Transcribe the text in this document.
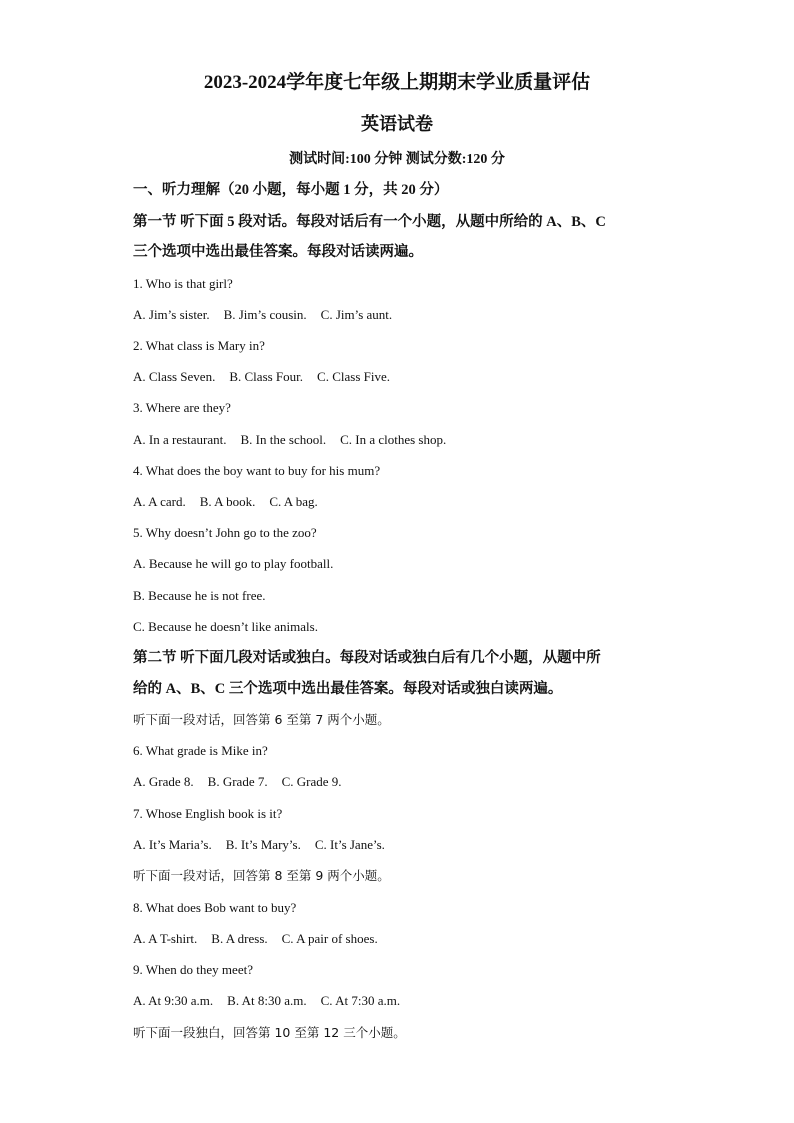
2023-2024学年度七年级上期期末学业质量评估
英语试卷
测试时间:100 分钟 测试分数:120 分
一、听力理解（20 小题，每小题 1 分，共 20 分）
第一节 听下面 5 段对话。每段对话后有一个小题，从题中所给的 A、B、C
三个选项中选出最佳答案。每段对话读两遍。
1. Who is that girl?
A. Jim’s sister. B. Jim’s cousin. C. Jim’s aunt.
2. What class is Mary in?
A. Class Seven. B. Class Four. C. Class Five.
3. Where are they?
A. In a restaurant. B. In the school. C. In a clothes shop.
4. What does the boy want to buy for his mum?
A. A card. B. A book. C. A bag.
5. Why doesn’t John go to the zoo?
A. Because he will go to play football.
B. Because he is not free.
C. Because he doesn’t like animals.
第二节 听下面几段对话或独白。每段对话或独白后有几个小题，从题中所
给的 A、B、C 三个选项中选出最佳答案。每段对话或独白读两遍。
听下面一段对话，回答第 6 至第 7 两个小题。
6. What grade is Mike in?
A. Grade 8. B. Grade 7. C. Grade 9.
7. Whose English book is it?
A. It’s Maria’s. B. It’s Mary’s. C. It’s Jane’s.
听下面一段对话，回答第 8 至第 9 两个小题。
8. What does Bob want to buy?
A. A T-shirt. B. A dress. C. A pair of shoes.
9. When do they meet?
A. At 9:30 a.m. B. At 8:30 a.m. C. At 7:30 a.m.
听下面一段独白，回答第 10 至第 12 三个小题。
